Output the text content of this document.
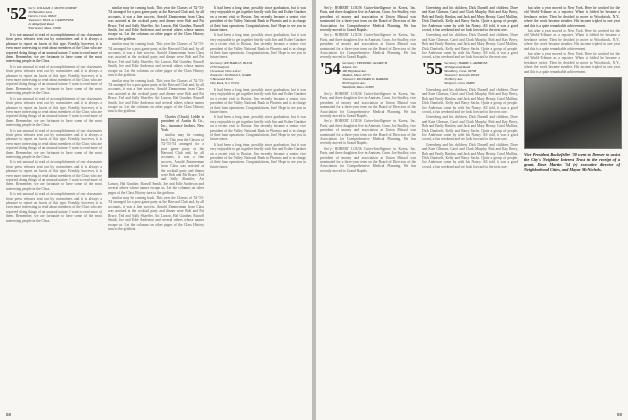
'52 Sec'y: WILLIAM J. MONTGOMERY
40 Hamilton Lane
Darien, Conn. 06820
Treasurer: PAUL A. CARPENTER
21 Ridgefield Road
Winchester, Mass. 01890

It is not unusual to read of accomplishments of our classmates from press releases sent out by committees and it is always a pleasure to report on facets of this type. Frankly, however, it is even more interesting to read about members of the Class who are reported doing things of an unusual nature. I want to read more of them. Remember, we are fortunate to have some of the most interesting people in the Class.

It is not unusual to read of accomplishments of our classmates from press releases sent out by committees and it is always a pleasure to report on facets of this type. Frankly, however, it is even more interesting to read about members of the Class who are reported doing things of an unusual nature. I want to read more of them. Remember, we are fortunate to have some of the most interesting people in the Class.

It is not unusual to read of accomplishments of our classmates from press releases sent out by committees and it is always a pleasure to report on facets of this type. Frankly, however, it is even more interesting to read about members of the Class who are reported doing things of an unusual nature. I want to read more of them. Remember, we are fortunate to have some of the most interesting people in the Class.

It is not unusual to read of accomplishments of our classmates from press releases sent out by committees and it is always a pleasure to report on facets of this type. Frankly, however, it is even more interesting to read about members of the Class who are reported doing things of an unusual nature. I want to read more of them. Remember, we are fortunate to have some of the most interesting people in the Class.

It is not unusual to read of accomplishments of our classmates from press releases sent out by committees and it is always a pleasure to report on facets of this type. Frankly, however, it is even more interesting to read about members of the Class who are reported doing things of an unusual nature. I want to read more of them. Remember, we are fortunate to have some of the most interesting people in the Class.

It is not unusual to read of accomplishments of our classmates from press releases sent out by committees and it is always a pleasure to report on facets of this type. Frankly, however, it is even more interesting to read about members of the Class who are reported doing things of an unusual nature. I want to read more of them. Remember, we are fortunate to have some of the most interesting people in the Class.

similar may be coming back. This year the Classes of '52-'53-'54 arranged for a post game party at the Harvard Club and, by all accounts, it was a fine success. Arnold Zimmerman from Class was assisted at the cocktail party and dinner were Bob and Pat Bruce, Ted and Sally Shaeffer, Art Larson, Hal Gunther, Russell Smith, Joe and Edie Anderson and several others whose names escape us. Let the columns on other pages of the Class History turn to the gridiron.

similar may be coming back. This year the Classes of '52-'53-'54 arranged for a post game party at the Harvard Club and, by all accounts, it was a fine success. Arnold Zimmerman from Class was assisted at the cocktail party and dinner were Bob and Pat Bruce, Ted and Sally Shaeffer, Art Larson, Hal Gunther, Russell Smith, Joe and Edie Anderson and several others whose names escape us. Let the columns on other pages of the Class History turn to the gridiron.

similar may be coming back. This year the Classes of '52-'53-'54 arranged for a post game party at the Harvard Club and, by all accounts, it was a fine success. Arnold Zimmerman from Class was assisted at the cocktail party and dinner were Bob and Pat Bruce, Ted and Sally Shaeffer, Art Larson, Hal Gunther, Russell Smith, Joe and Edie Anderson and several others whose names escape us. Let the columns on other pages of the Class History turn to the gridiron.

Charles (Chuck) Liddle is president of Austin & Co., Inc., insurance brokers, New York.

similar may be coming back. This year the Classes of '52-'53-'54 arranged for a post game party at the Harvard Club and, by all accounts, it was a fine success. Arnold Zimmerman from Class was assisted at the cocktail party and dinner were Bob and Pat Bruce, Ted and Sally Shaeffer, Art Larson, Hal Gunther, Russell Smith, Joe and Edie Anderson and several others whose names escape us. Let the columns on other pages of the Class History turn to the gridiron.

similar may be coming back. This year the Classes of '52-'53-'54 arranged for a post game party at the Harvard Club and, by all accounts, it was a fine success. Arnold Zimmerman from Class was assisted at the cocktail party and dinner were Bob and Pat Bruce, Ted and Sally Shaeffer, Art Larson, Hal Gunther, Russell Smith, Joe and Edie Anderson and several others whose names escape us. Let the columns on other pages of the Class History turn to the gridiron.

It had been a long time, possibly since graduation, but it was very enjoyable to get together briefly with Jim and Esther Gardner on a recent visit to Boston. Jim recently became a senior vice president of the Valley National Bank in Phoenix and is in charge of their loan operations. Congratulations, Jim! Hope to see you in future times.

It had been a long time, possibly since graduation, but it was very enjoyable to get together briefly with Jim and Esther Gardner on a recent visit to Boston. Jim recently became a senior vice president of the Valley National Bank in Phoenix and is in charge of their loan operations. Congratulations, Jim! Hope to see you in future times.

Secretary: RICHARD E. BLUM
2730 Stanford
Cleveland, Ohio 44122
Treasurer: DONALD L. WARD
3 Boxwood Drive
Olin Rock, N.J. 07452

It had been a long time, possibly since graduation, but it was very enjoyable to get together briefly with Jim and Esther Gardner on a recent visit to Boston. Jim recently became a senior vice president of the Valley National Bank in Phoenix and is in charge of their loan operations. Congratulations, Jim! Hope to see you in future times.

It had been a long time, possibly since graduation, but it was very enjoyable to get together briefly with Jim and Esther Gardner on a recent visit to Boston. Jim recently became a senior vice president of the Valley National Bank in Phoenix and is in charge of their loan operations. Congratulations, Jim! Hope to see you in future times.

It had been a long time, possibly since graduation, but it was very enjoyable to get together briefly with Jim and Esther Gardner on a recent visit to Boston. Jim recently became a senior vice president of the Valley National Bank in Phoenix and is in charge of their loan operations. Congratulations, Jim! Hope to see you in future times.

58

Sec'y: ROBERT LOUIS Cutter-Intelligence in Korea, Inc. Paris, and three daughters live in Annisen, Conn. Joe Studley, vice president of money and association at Union Mutual was nominated for a three-year term on the Board of Directors of the Association for Comprehensive Medical Planning. He has recently moved to Grand Rapids.

Sec'y: ROBERT LOUIS Cutter-Intelligence in Korea, Inc. Paris, and three daughters live in Annisen, Conn. Joe Studley, vice president of money and association at Union Mutual was nominated for a three-year term on the Board of Directors of the Association for Comprehensive Medical Planning. He has recently moved to Grand Rapids.

'54 Secretary: FREDERIC ALDRICH
Adams, Inc.
480 Highland Ave.
Malden, Mass. 02771
Treasurer: RICHARD D. BARKER
89 Peregrine Ave.
Wakefield, Mass. 01880

Sec'y: ROBERT LOUIS Cutter-Intelligence in Korea, Inc. Paris, and three daughters live in Annisen, Conn. Joe Studley, vice president of money and association at Union Mutual was nominated for a three-year term on the Board of Directors of the Association for Comprehensive Medical Planning. He has recently moved to Grand Rapids.

Sec'y: ROBERT LOUIS Cutter-Intelligence in Korea, Inc. Paris, and three daughters live in Annisen, Conn. Joe Studley, vice president of money and association at Union Mutual was nominated for a three-year term on the Board of Directors of the Association for Comprehensive Medical Planning. He has recently moved to Grand Rapids.

Sec'y: ROBERT LOUIS Cutter-Intelligence in Korea, Inc. Paris, and three daughters live in Annisen, Conn. Joe Studley, vice president of money and association at Union Mutual was nominated for a three-year term on the Board of Directors of the Association for Comprehensive Medical Planning. He has recently moved to Grand Rapids.

Greenberg and his children, Dick Darnell and children, Dave and Kate Gleason, Carol and Clark Murphy, Bob and Kay Berry, Bob and Emily Hanlon, and Jack and Mary Heraty. Carol Mullins, Dick Danforth, Kelly and Barry Sachs. Quite a group of people. Joe Anderson came by with his Nancy. All told, it was a good crowd, a fun weekend and we look forward to the next one.

Greenberg and his children, Dick Darnell and children, Dave and Kate Gleason, Carol and Clark Murphy, Bob and Kay Berry, Bob and Emily Hanlon, and Jack and Mary Heraty. Carol Mullins, Dick Danforth, Kelly and Barry Sachs. Quite a group of people. Joe Anderson came by with his Nancy. All told, it was a good crowd, a fun weekend and we look forward to the next one.

'55 Secretary: HARRY J. AMBROSE
48 Edgewood Road
Woodbury, Conn. 06798
Treasurer: Kenneth DEAN
36 Henry Ave.
Westport, Conn. 06880

Greenberg and his children, Dick Darnell and children, Dave and Kate Gleason, Carol and Clark Murphy, Bob and Kay Berry, Bob and Emily Hanlon, and Jack and Mary Heraty. Carol Mullins, Dick Danforth, Kelly and Barry Sachs. Quite a group of people. Joe Anderson came by with his Nancy. All told, it was a good crowd, a fun weekend and we look forward to the next one.

Greenberg and his children, Dick Darnell and children, Dave and Kate Gleason, Carol and Clark Murphy, Bob and Kay Berry, Bob and Emily Hanlon, and Jack and Mary Heraty. Carol Mullins, Dick Danforth, Kelly and Barry Sachs. Quite a group of people. Joe Anderson came by with his Nancy. All told, it was a good crowd, a fun weekend and we look forward to the next one.

Greenberg and his children, Dick Darnell and children, Dave and Kate Gleason, Carol and Clark Murphy, Bob and Kay Berry, Bob and Emily Hanlon, and Jack and Mary Heraty. Carol Mullins, Dick Danforth, Kelly and Barry Sachs. Quite a group of people. Joe Anderson came by with his Nancy. All told, it was a good crowd, a fun weekend and we look forward to the next one.

but after a year moved to New York. Here he worked for the old World-Tribune as a reporter. When it folded he became a freelance writer. Then he decided to move to Woodstock, N.Y., where the work became steadier. His income tripled in one year and this is a quite remarkable achievement.

but after a year moved to New York. Here he worked for the old World-Tribune as a reporter. When it folded he became a freelance writer. Then he decided to move to Woodstock, N.Y., where the work became steadier. His income tripled in one year and this is a quite remarkable achievement.

but after a year moved to New York. Here he worked for the old World-Tribune as a reporter. When it folded he became a freelance writer. Then he decided to move to Woodstock, N.Y., where the work became steadier. His income tripled in one year and this is a quite remarkable achievement.

Vice President Rockefeller '30 went to Denver to assist the City's Neighbor Interest Trust in the receipt of a grant. Dave Martin '54 (r) executive director of Neighborhood Cities, and Mayor McNichols.
59
